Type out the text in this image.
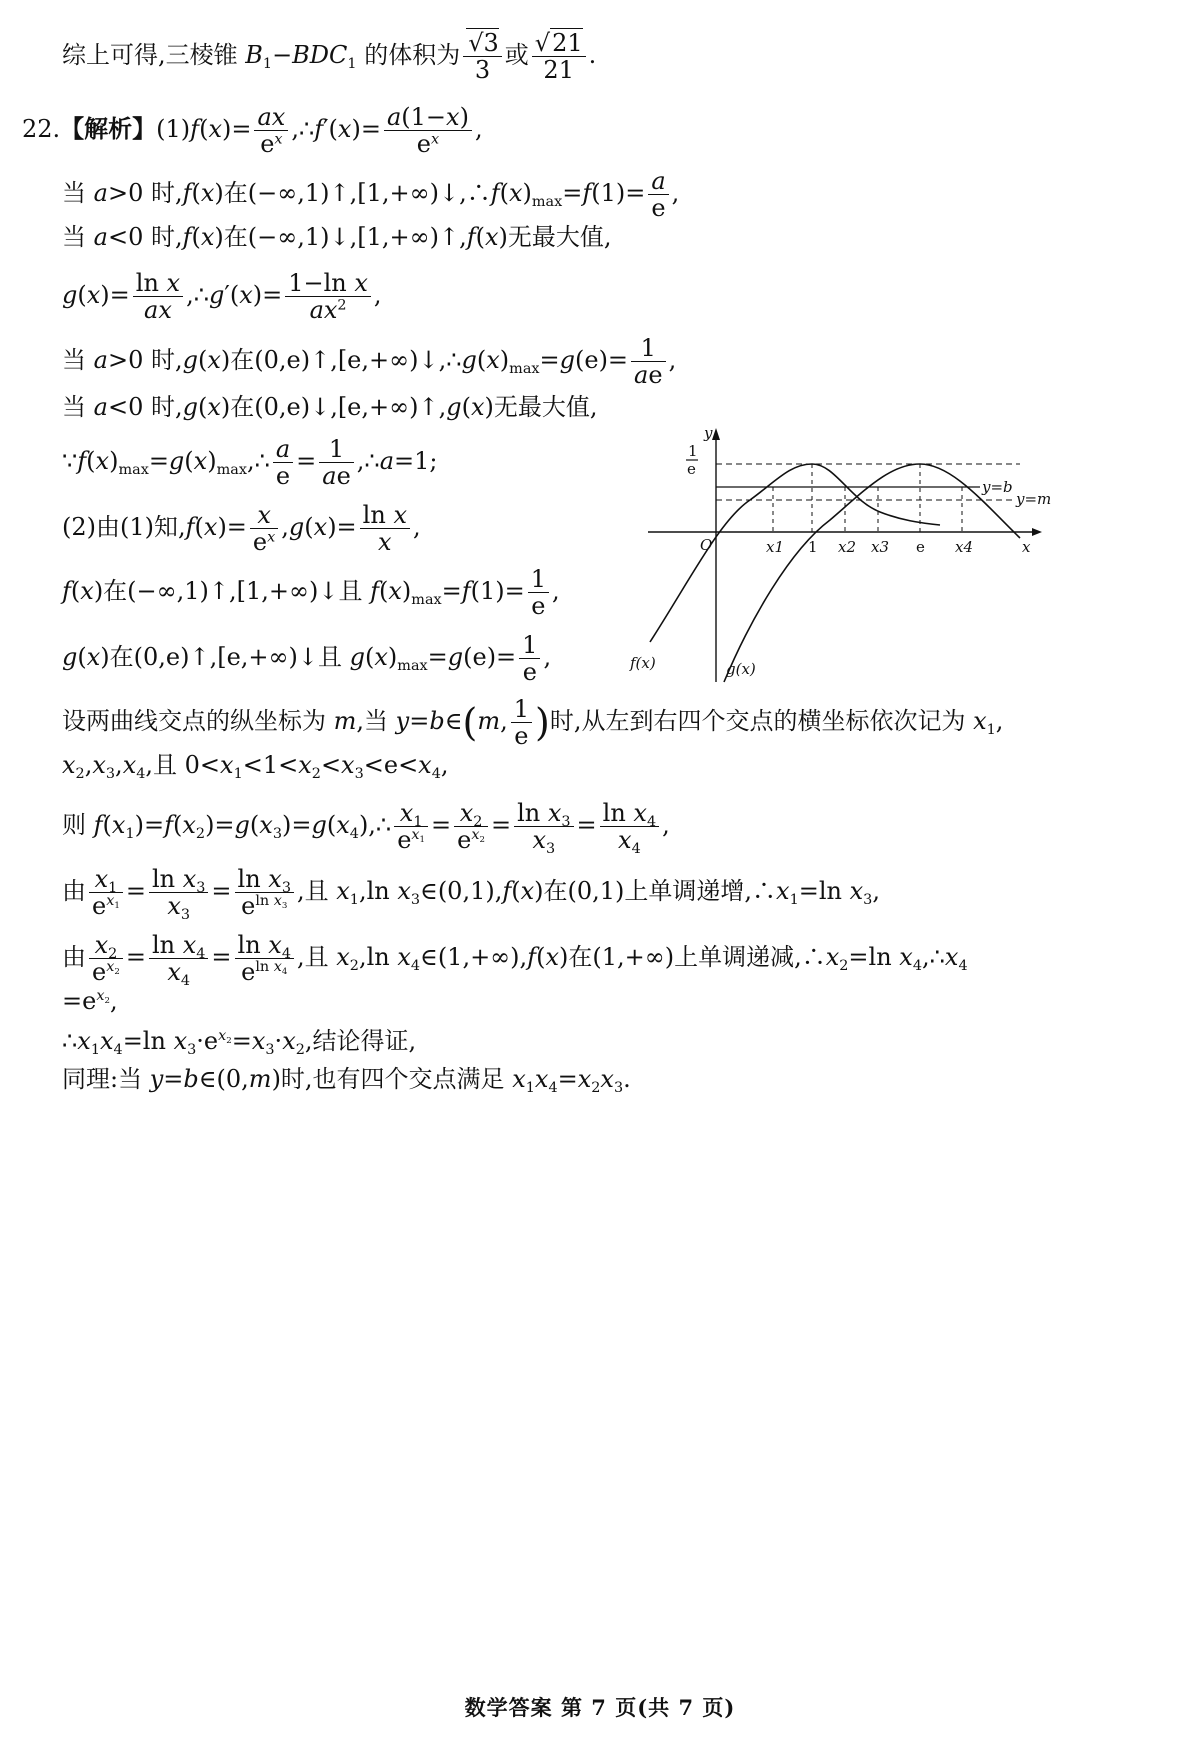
综上可得,三棱锥 $B_1-BDC_1$ 的体积为 $\frac{√3}{3}$ 或 $\frac{√21}{21}$ .
22.【解析】$(1)f(x)= \frac{ax}{e^x}$ ,∴f′(x)= $\frac{a(1-x)}{e^x}$ ,
当 a>0 时,f(x)在$(-\infty,1)↑,[1,+\infty)↓,\therefore f(x)_{max}=f(1)= \frac{a}{e}$ ,
当 a<0 时,f(x)在(−∞,1)↓,[1,+∞)↑,f(x)无最大值,
$g(x)= \frac{\text{ln x}}{ax}$ ,∴g′(x)= $\frac{\text{1−ln x}}{ax^2}$ ,
当 a>0 时,g(x)在$(0,e)↑,[e,+\infty)↓,\therefore g(x)_{max}=g(e)= \frac{1}{ae}$ ,
当 a<0 时,g(x)在(0,e)↓,[e,+∞)↑,g(x)无最大值,
$\because f(x)_{max}=g(x)_{max},\therefore \frac{a}{e} = \frac{1}{ae}$ ,∴a=1;
(2)由(1)知$,f(x)= \frac{x}{e^x} ,g(x)= \frac{\text{ln x}}{x}$ ,
f(x)在(−∞,1)↑,[1,+∞)↓且 $f(x)_{max}=f(1)= \frac{1}{e}$ ,
g(x)在(0,e)↑,[e,+∞)↓且 $g(x)_{max}=g(e)= \frac{1}{e}$ ,
设两曲线交点的纵坐标为 m,当 y=b∈(m, $\frac{1}{e}$ )时,从左到右四个交点的横坐标依次记为 $x_1$,
$x_2,x_3,x_4$,且 $0<x_1<1<x_2<x_3<e<x_4$,
则 $f(x_1)=f(x_2)=g(x_3)=g(x_4),\therefore \frac{x_1}{e^{x_1}} = \frac{x_2}{e^{x_2}} = \frac{\ln x_3}{x_3} = \frac{\ln x_4}{x_4}$ ,
由 $\frac{x_1}{e^{x_1}} = \frac{\ln x_3}{x_3} = \frac{\ln x_3}{e^{ln x_3}}$ ,且 $x_1,\ln$ $x_3\in(0,1),f(x)$在(0,1)上单调递增$,\therefore x_1=\ln$ $x_3$,
由 $\frac{x_2}{e^{x_2}} = \frac{\ln x_4}{x_4} = \frac{\ln x_4}{e^{ln x_4}}$ ,且 $x_2,\ln$ $x_4\in(1,+\infty),f(x)$在(1,+∞)上单调递减$,\therefore x_2=\ln$ $x_4,\therefore x_4$
$=e^{x_2}$,
$\therefore x_1x_4=\ln$ $x_3\cdot e^{x_2}=x_3\cdot x_2$,结论得证,
同理:当 y=b∈(0,m)时,也有四个交点满足 $x_1x_4=x_2x_3$.
y
x
O
1
e
x1 1 x2 x3 e x4
y=b
y=m
f(x)	g(x)
数学答案 第 7 页(共 7 页)
